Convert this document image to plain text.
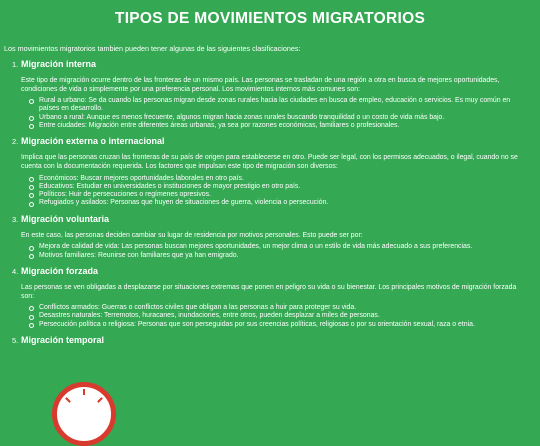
TIPOS DE MOVIMIENTOS MIGRATORIOS

Los movimientos migratorios tambien pueden tener algunas de las siguientes clasificaciones:

1. Migración interna

Este tipo de migración ocurre dentro de las fronteras de un mismo país. Las personas se trasladan de una región a otra en busca de mejores oportunidades, condiciones de vida o simplemente por una preferencia personal. Los movimientos internos más comunes son:

Rural a urbano: Se da cuando las personas migran desde zonas rurales hacia las ciudades en busca de empleo, educación o servicios. Es muy común en países en desarrollo.
Urbano a rural: Aunque es menos frecuente, algunos migran hacia zonas rurales buscando tranquilidad o un costo de vida más bajo.
Entre ciudades: Migración entre diferentes áreas urbanas, ya sea por razones económicas, familiares o profesionales.
2. Migración externa o internacional

Implica que las personas cruzan las fronteras de su país de origen para establecerse en otro. Puede ser legal, con los permisos adecuados, o ilegal, cuando no se cuenta con la documentación requerida. Los factores que impulsan este tipo de migración son diversos:

Económicos: Buscar mejores oportunidades laborales en otro país.
Educativos: Estudiar en universidades o instituciones de mayor prestigio en otro país.
Políticos: Huir de persecuciones o regímenes opresivos.
Refugiados y asilados: Personas que huyen de situaciones de guerra, violencia o persecución.
3. Migración voluntaria

En este caso, las personas deciden cambiar su lugar de residencia por motivos personales. Esto puede ser por:

Mejora de calidad de vida: Las personas buscan mejores oportunidades, un mejor clima o un estilo de vida más adecuado a sus preferencias.
Motivos familiares: Reunirse con familiares que ya han emigrado.
4. Migración forzada

Las personas se ven obligadas a desplazarse por situaciones extremas que ponen en peligro su vida o su bienestar. Los principales motivos de migración forzada son:

Conflictos armados: Guerras o conflictos civiles que obligan a las personas a huir para proteger su vida.
Desastres naturales: Terremotos, huracanes, inundaciones, entre otros, pueden desplazar a miles de personas.
Persecución política o religiosa: Personas que son perseguidas por sus creencias políticas, religiosas o por su orientación sexual, raza o etnia.
5. Migración temporal
